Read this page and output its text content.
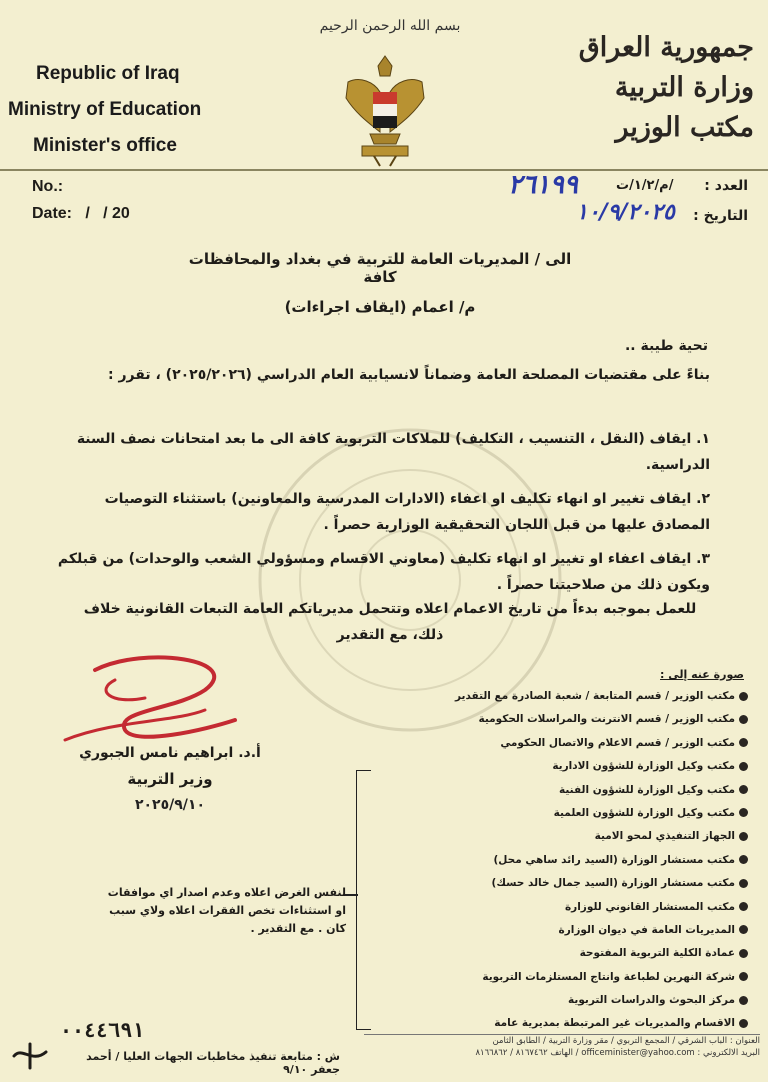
بسم الله الرحمن الرحيم
Republic of Iraq
Ministry of Education
Minister's office
جمهورية العراق
وزارة التربية
مكتب الوزير
No.:
Date:   /   / 20
العدد :
التاريخ :
م/١/٢/ت/
٢٦١٩٩
١٠/٩/٢٠٢٥
الى / المديريات العامة للتربية في بغداد والمحافظات كافة
م/ اعمام (ايقاف اجراءات)
تحية طيبة ..
بناءً على مقتضيات المصلحة العامة وضماناً لانسيابية العام الدراسي (٢٠٢٥/٢٠٢٦) ، تقرر :
١. ايقاف (النقل ، التنسيب ، التكليف) للملاكات التربوية كافة الى ما بعد امتحانات نصف السنة الدراسية.
٢. ايقاف تغيير او انهاء تكليف او اعفاء (الادارات المدرسية والمعاونين) باستثناء التوصيات المصادق عليها من قبل اللجان التحقيقية الوزارية حصراً .
٣. ايقاف اعفاء او تغيير او انهاء تكليف (معاوني الاقسام ومسؤولي الشعب والوحدات) من قبلكم ويكون ذلك من صلاحيتنا حصراً .
للعمل بموجبه بدءاً من تاريخ الاعمام اعلاه وتتحمل مديرياتكم العامة التبعات القانونية خلاف ذلك، مع التقدير
أ.د. ابراهيم نامس الجبوري
وزير التربية
٢٠٢٥/٩/١٠
صورة عنه إلى :
مكتب الوزير / قسم المتابعة / شعبة الصادرة مع التقدير
مكتب الوزير / قسم الانترنت والمراسلات الحكومية
مكتب الوزير / قسم الاعلام والاتصال الحكومي
مكتب وكيل الوزارة للشؤون الادارية
مكتب وكيل الوزارة للشؤون الفنية
مكتب وكيل الوزارة للشؤون العلمية
الجهاز التنفيذي لمحو الامية
مكتب مستشار الوزارة (السيد رائد ساهي محل)
مكتب مستشار الوزارة (السيد جمال خالد حسك)
مكتب المستشار القانوني للوزارة
المديريات العامة في ديوان الوزارة
عمادة الكلية التربوية المفتوحة
شركة النهرين لطباعة وانتاج المستلزمات التربوية
مركز البحوث والدراسات التربوية
الاقسام والمديريات غير المرتبطة بمديرية عامة
لنفس الغرض اعلاه وعدم اصدار اي موافقات او استثناءات تخص الفقرات اعلاه ولاي سبب كان . مع التقدير .
٠٠٤٤٦٩١
ش : متابعة تنفيذ مخاطبات الجهات العليا / أحمد جعفر ٩/١٠
العنوان : الباب الشرقي / المجمع التربوي / مقر وزارة التربية / الطابق الثامن
البريد الالكتروني : officeminister@yahoo.com / الهاتف ٨١٦٧٤٦٢ / ٨١٦٦٨٦٢
